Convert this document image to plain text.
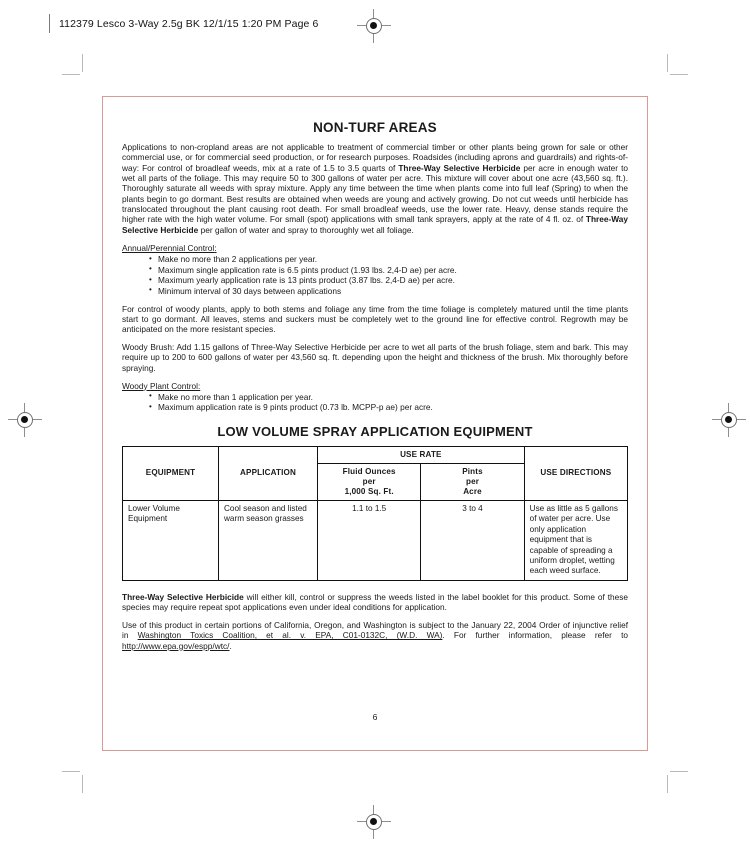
112379 Lesco 3-Way 2.5g BK 12/1/15 1:20 PM Page 6
NON-TURF AREAS

Applications to non-cropland areas are not applicable to treatment of commercial timber or other plants being grown for sale or other commercial use, or for commercial seed production, or for research purposes. Roadsides (including aprons and guardrails) and rights-of-way: For control of broadleaf weeds, mix at a rate of 1.5 to 3.5 quarts of Three-Way Selective Herbicide per acre in enough water to wet all parts of the foliage. This may require 50 to 300 gallons of water per acre. This mixture will cover about one acre (43,560 sq. ft.). Thoroughly saturate all weeds with spray mixture. Apply any time between the time when plants come into full leaf (Spring) to when the plants begin to go dormant. Best results are obtained when weeds are young and actively growing. Do not cut weeds until herbicide has translocated throughout the plant causing root death. For small broadleaf weeds, use the lower rate. Heavy, dense stands require the higher rate with the high water volume. For small (spot) applications with small tank sprayers, apply at the rate of 4 fl. oz. of Three-Way Selective Herbicide per gallon of water and spray to thoroughly wet all foliage.

Annual/Perennial Control:
• Make no more than 2 applications per year.
• Maximum single application rate is 6.5 pints product (1.93 lbs. 2,4-D ae) per acre.
• Maximum yearly application rate is 13 pints product (3.87 lbs. 2,4-D ae) per acre.
• Minimum interval of 30 days between applications

For control of woody plants, apply to both stems and foliage any time from the time foliage is completely matured until the time plants start to go dormant. All leaves, stems and suckers must be completely wet to the ground line for effective control. Regrowth may be anticipated on the more resistant species.

Woody Brush: Add 1.15 gallons of Three-Way Selective Herbicide per acre to wet all parts of the brush foliage, stem and bark. This may require up to 200 to 600 gallons of water per 43,560 sq. ft. depending upon the height and thickness of the brush. Mix thoroughly before spraying.

Woody Plant Control:
• Make no more than 1 application per year.
• Maximum application rate is 9 pints product (0.73 lb. MCPP-p ae) per acre.
LOW VOLUME SPRAY APPLICATION EQUIPMENT
EQUIPMENT	APPLICATION	USE RATE		USE DIRECTIONS
		Fluid Ounces
per
1,000 Sq. Ft.	Pints
per
Acre	
Lower Volume Equipment	Cool season and listed warm season grasses	1.1 to 1.5	3 to 4	Use as little as 5 gallons of water per acre. Use only application equipment that is capable of spreading a uniform droplet, wetting each weed surface.

Three-Way Selective Herbicide will either kill, control or suppress the weeds listed in the label booklet for this product. Some of these species may require repeat spot applications even under ideal conditions for application.

Use of this product in certain portions of California, Oregon, and Washington is subject to the January 22, 2004 Order of injunctive relief in Washington Toxics Coalition, et al. v. EPA, C01-0132C, (W.D. WA). For further information, please refer to http://www.epa.gov/espp/wtc/.

6
